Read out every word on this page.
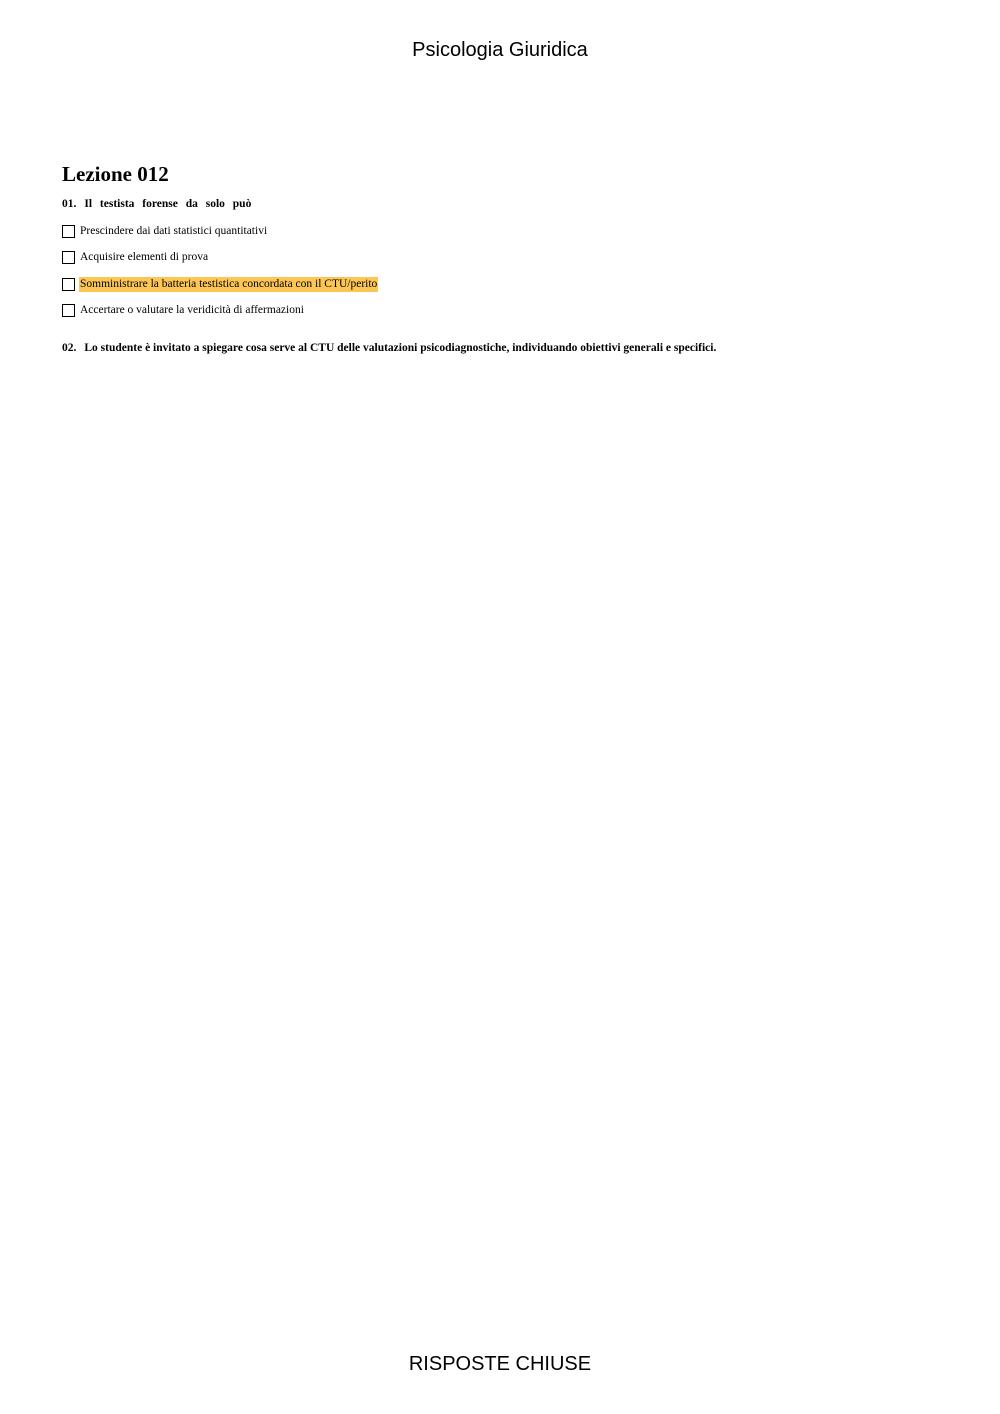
Psicologia Giuridica
Lezione 012

01. Il testista forense da solo può

Prescindere dai dati statistici quantitativi
Acquisire elementi di prova
Somministrare la batteria testistica concordata con il CTU/perito
Accertare o valutare la veridicità di affermazioni

02. Lo studente è invitato a spiegare cosa serve al CTU delle valutazioni psicodiagnostiche, individuando obiettivi generali e specifici.

RISPOSTE CHIUSE
